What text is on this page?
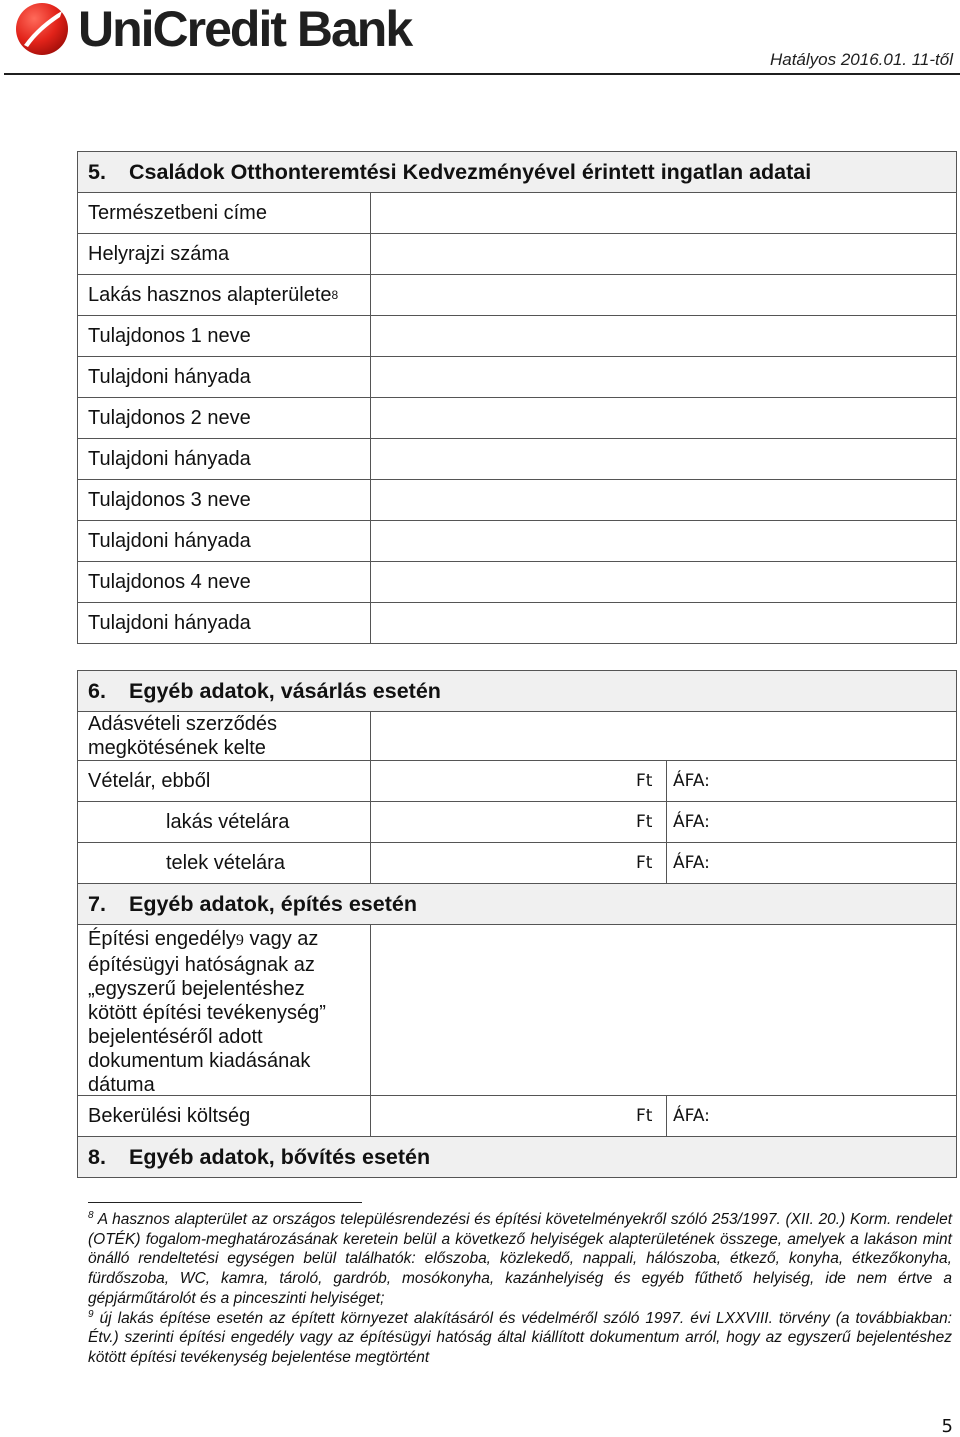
UniCredit Bank
Hatályos 2016.01. 11-től
5.	Családok Otthonteremtési Kedvezményével érintett ingatlan adatai
Természetbeni címe
Helyrajzi száma
Lakás hasznos alapterülete 8
Tulajdonos 1 neve
Tulajdoni hányada
Tulajdonos 2 neve
Tulajdoni hányada
Tulajdonos 3 neve
Tulajdoni hányada
Tulajdonos 4 neve
Tulajdoni hányada
6.	Egyéb adatok, vásárlás esetén
Adásvételi szerződés
megkötésének kelte
Vételár, ebből	Ft ÁFA:
lakás vételára	Ft ÁFA:
telek vételára	Ft ÁFA:
7.	Egyéb adatok, építés esetén
Építési engedély9 vagy az
építésügyi hatóságnak az
„egyszerű bejelentéshez
kötött építési tevékenység”
bejelentéséről adott
dokumentum kiadásának
dátuma
Bekerülési költség	Ft ÁFA:
8.	Egyéb adatok, bővítés esetén

$^8$ A hasznos alapterület az országos településrendezési és építési követelményekről szóló 253/1997. (XII. 20.) Korm. rendelet (OTÉK) fogalom-meghatározásának keretein belül a következő helyiségek alapterületének összege, amelyek a lakáson mint önálló rendeltetési egységen belül találhatók: előszoba, közlekedő, nappali, hálószoba, étkező, konyha, étkezőkonyha, fürdőszoba, WC, kamra, tároló, gardrób, mosókonyha, kazánhelyiség és egyéb fűthető helyiség, ide nem értve a gépjárműtárolót és a pinceszinti helyiséget;

$^9$ új lakás építése esetén az épített környezet alakításáról és védelméről szóló 1997. évi LXXVIII. törvény (a továbbiakban: Étv.) szerinti építési engedély vagy az építésügyi hatóság által kiállított dokumentum arról, hogy az egyszerű bejelentéshez kötött építési tevékenység bejelentése megtörtént

5
